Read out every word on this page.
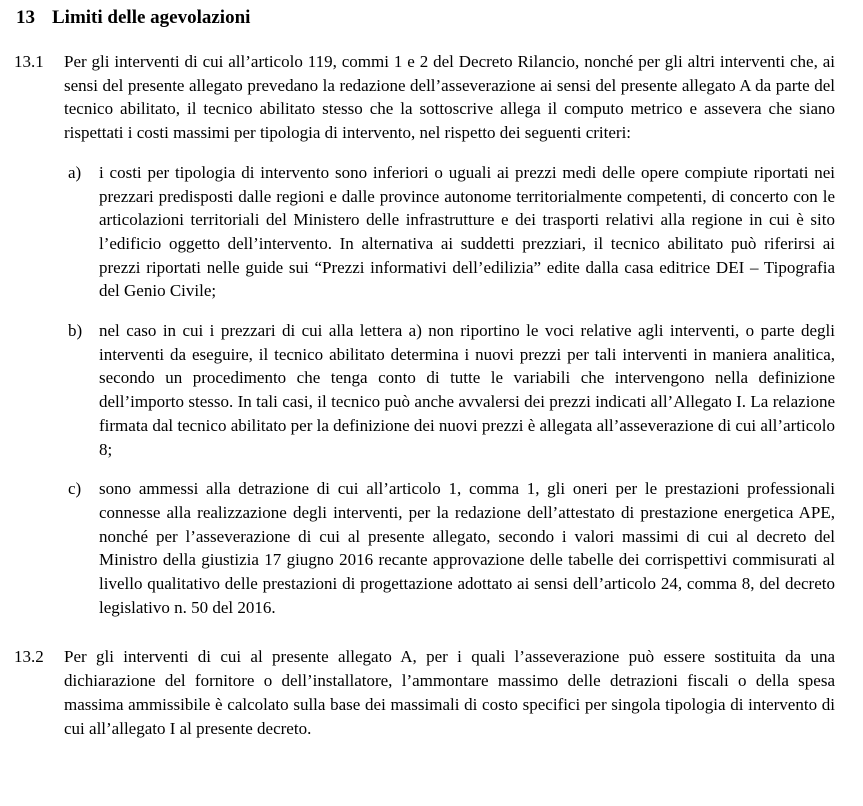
13 Limiti delle agevolazioni
13.1	Per gli interventi di cui all’articolo 119, commi 1 e 2 del Decreto Rilancio, nonché per gli altri interventi che, ai sensi del presente allegato prevedano la redazione dell’asseverazione ai sensi del presente allegato A da parte del tecnico abilitato, il tecnico abilitato stesso che la sottoscrive allega il computo metrico e assevera che siano rispettati i costi massimi per tipologia di intervento, nel rispetto dei seguenti criteri:

a)	i costi per tipologia di intervento sono inferiori o uguali ai prezzi medi delle opere compiute riportati nei prezzari predisposti dalle regioni e dalle province autonome territorialmente competenti, di concerto con le articolazioni territoriali del Ministero delle infrastrutture e dei trasporti relativi alla regione in cui è sito l’edificio oggetto dell’intervento. In alternativa ai suddetti prezziari, il tecnico abilitato può riferirsi ai prezzi riportati nelle guide sui “Prezzi informativi dell’edilizia” edite dalla casa editrice DEI – Tipografia del Genio Civile;
b) nel caso in cui i prezzari di cui alla lettera a) non riportino le voci relative agli interventi, o parte degli interventi da eseguire, il tecnico abilitato determina i nuovi prezzi per tali interventi in maniera analitica, secondo un procedimento che tenga conto di tutte le variabili che intervengono nella definizione dell’importo stesso. In tali casi, il tecnico può anche avvalersi dei prezzi indicati all’Allegato I. La relazione firmata dal tecnico abilitato per la definizione dei nuovi prezzi è allegata all’asseverazione di cui all’articolo 8;
c)	sono ammessi alla detrazione di cui all’articolo 1, comma 1, gli oneri per le prestazioni professionali connesse alla realizzazione degli interventi, per la redazione dell’attestato di prestazione energetica APE, nonché per l’asseverazione di cui al presente allegato, secondo i valori massimi di cui al decreto del Ministro della giustizia 17 giugno 2016 recante approvazione delle tabelle dei corrispettivi commisurati al livello qualitativo delle prestazioni di progettazione adottato ai sensi dell’articolo 24, comma 8, del decreto legislativo n. 50 del 2016.
13.2	Per gli interventi di cui al presente allegato A, per i quali l’asseverazione può essere sostituita da una dichiarazione del fornitore o dell’installatore, l’ammontare massimo delle detrazioni fiscali o della spesa massima ammissibile è calcolato sulla base dei massimali di costo specifici per singola tipologia di intervento di cui all’allegato I al presente decreto.
